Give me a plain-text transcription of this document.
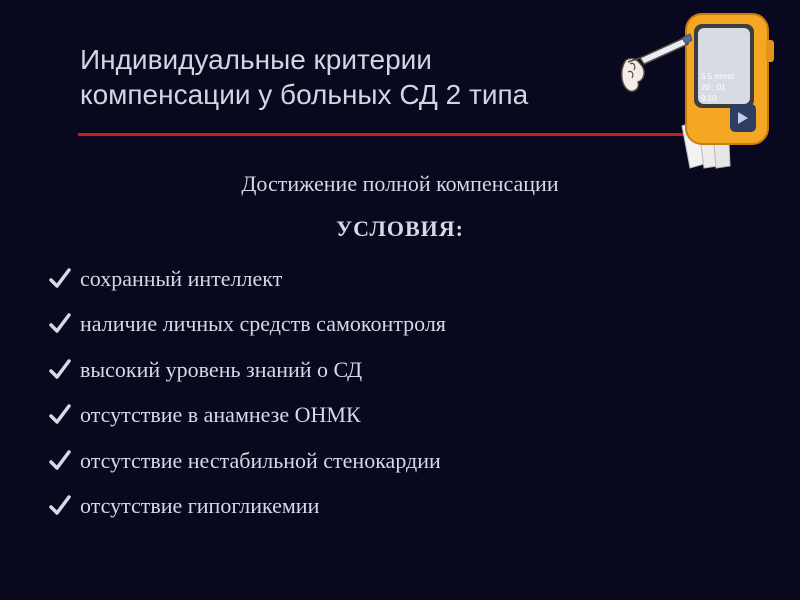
Индивидуальные критерии
компенсации у больных СД 2 типа
5.5 mmol
20 : 01
9.10
Достижение полной компенсации
УСЛОВИЯ:
сохранный интеллект
наличие личных средств самоконтроля
высокий уровень знаний о СД
отсутствие в анамнезе ОНМК
отсутствие нестабильной стенокардии
отсутствие гипогликемии
